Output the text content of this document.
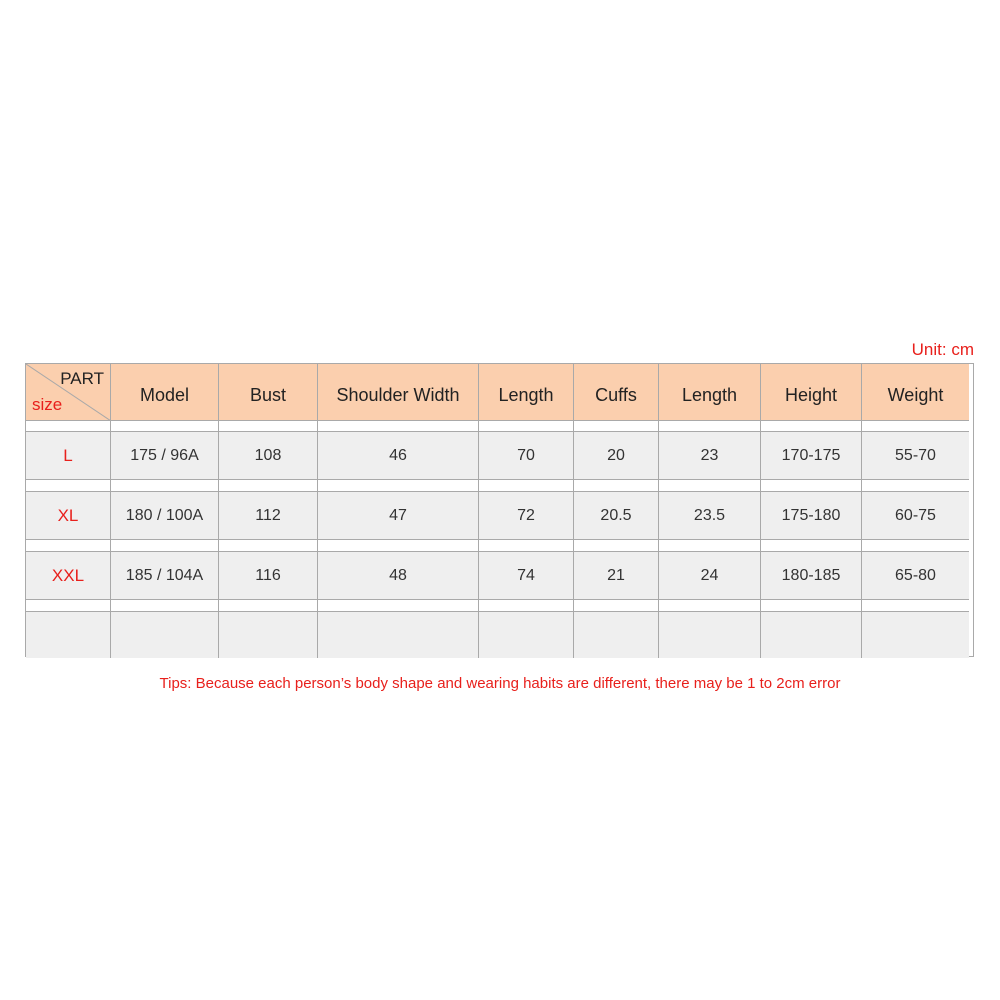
Unit: cm
PART
size	Model	Bust	Shoulder Width	Length	Cuffs	Length	Height	Weight
L	175 / 96A	108	46	70	20	23	170-175	55-70
XL	180 / 100A	112	47	72	20.5	23.5	175-180	60-75
XXL	185 / 104A	116	48	74	21	24	180-185	65-80
Tips: Because each person’s body shape and wearing habits are different, there may be 1 to 2cm error
